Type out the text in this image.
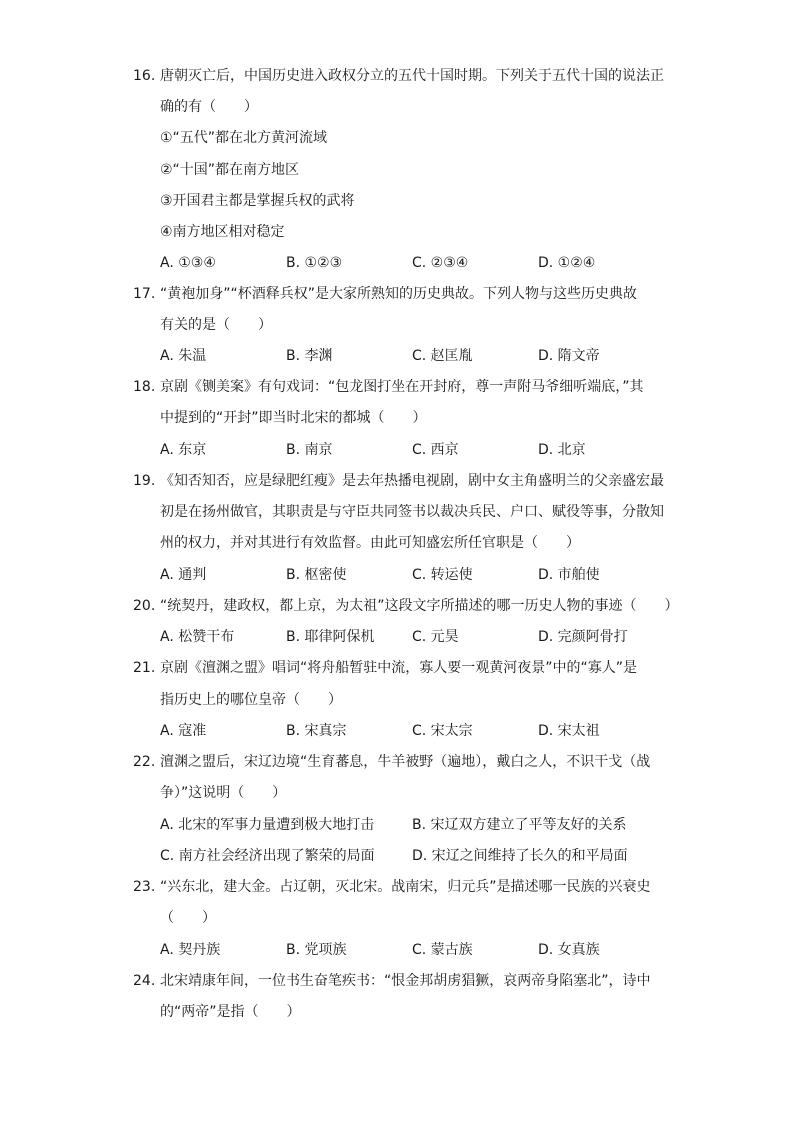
16. 唐朝灭亡后，中国历史进入政权分立的五代十国时期。下列关于五代十国的说法正
确的有（　　）
①“五代”都在北方黄河流域
②“十国”都在南方地区
③开国君主都是掌握兵权的武将
④南方地区相对稳定
A. ①③④	B. ①②③	C. ②③④	D. ①②④
17. “黄袍加身”“杯酒释兵权”是大家所熟知的历史典故。下列人物与这些历史典故
有关的是（　　）
A. 朱温	B. 李渊	C. 赵匡胤	D. 隋文帝
18. 京剧《铡美案》有句戏词：“包龙图打坐在开封府，尊一声附马爷细听端底，”其
中提到的“开封”即当时北宋的都城（　　）
A. 东京	B. 南京	C. 西京	D. 北京
19. 《知否知否，应是绿肥红瘦》是去年热播电视剧，剧中女主角盛明兰的父亲盛宏最
初是在扬州做官，其职责是与守臣共同签书以裁决兵民、户口、赋役等事，分散知
州的权力，并对其进行有效监督。由此可知盛宏所任官职是（　　）
A. 通判	B. 枢密使	C. 转运使	D. 市舶使
20. “统契丹，建政权，都上京，为太祖”这段文字所描述的哪一历史人物的事迹（　　）
A. 松赞干布	B. 耶律阿保机	C. 元昊	D. 完颜阿骨打
21. 京剧《澶渊之盟》唱词“将舟船暂驻中流，寡人要一观黄河夜景”中的“寡人”是
指历史上的哪位皇帝（　　）
A. 寇准	B. 宋真宗	C. 宋太宗	D. 宋太祖
22. 澶渊之盟后，宋辽边境“生育蕃息，牛羊被野（遍地），戴白之人，不识干戈（战
争）”这说明（　　）
A. 北宋的军事力量遭到极大地打击	B. 宋辽双方建立了平等友好的关系
C. 南方社会经济出现了繁荣的局面	D. 宋辽之间维持了长久的和平局面
23. “兴东北，建大金。占辽朝，灭北宋。战南宋，归元兵”是描述哪一民族的兴衰史
（　　）
A. 契丹族	B. 党项族	C. 蒙古族	D. 女真族
24. 北宋靖康年间，一位书生奋笔疾书：“恨金邦胡虏猖獗，哀两帝身陷塞北”，诗中
的“两帝”是指（　　）
